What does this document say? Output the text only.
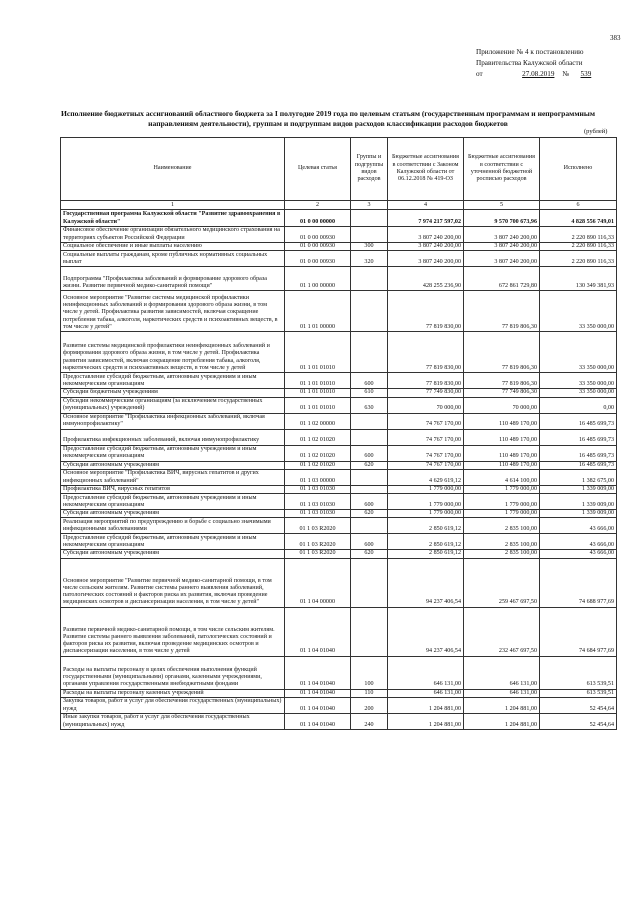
383
Приложение № 4 к постановлению
Правительства Калужской области
от	27.08.2019 № 539
Исполнение бюджетных ассигнований областного бюджета за I полугодие 2019 года по целевым статьям (государственным программам и непрограммным направлениям деятельности), группам и подгруппам видов расходов классификации расходов бюджетов
(рублей)
Наименование	Целевая статья	Группы и подгруппы видов расходов	Бюджетные ассигнования в соответствии с Законом Калужской области от 06.12.2018 № 419-ОЗ	Бюджетные ассигнования в соответствии с уточненной бюджетной росписью расходов	Исполнено
1	2	3	4	5	6
Государственная программа Калужской области "Развитие здравоохранения в Калужской области"	01 0 00 00000		7 974 217 597,02	9 570 700 673,96	4 828 556 749,01
Финансовое обеспечение организации обязательного медицинского страхования на территориях субъектов Российской Федерации	01 0 00 00930		3 807 240 200,00	3 807 240 200,00	2 220 890 116,33
Социальное обеспечение и иные выплаты населению	01 0 00 00930	300	3 807 240 200,00	3 807 240 200,00	2 220 890 116,33
Социальные выплаты гражданам, кроме публичных нормативных социальных выплат	01 0 00 00930	320	3 807 240 200,00	3 807 240 200,00	2 220 890 116,33
Подпрограмма "Профилактика заболеваний и формирование здорового образа жизни. Развитие первичной медико-санитарной помощи"	01 1 00 00000		428 255 236,90	672 861 729,80	130 349 381,93
Основное мероприятие "Развитие системы медицинской профилактики неинфекционных заболеваний и формирования здорового образа жизни, в том числе у детей. Профилактика развития зависимостей, включая сокращение потребления табака, алкоголя, наркотических средств и психоактивных веществ, в том числе у детей"	01 1 01 00000		77 819 830,00	77 819 806,30	33 350 000,00
Развитие системы медицинской профилактики неинфекционных заболеваний и формирования здорового образа жизни, в том числе у детей. Профилактика развития зависимостей, включая сокращение потребления табака, алкоголя, наркотических средств и психоактивных веществ, в том числе у детей	01 1 01 01010		77 819 830,00	77 819 806,30	33 350 000,00
Предоставление субсидий бюджетным, автономным учреждениям и иным некоммерческим организациям	01 1 01 01010	600	77 819 830,00	77 819 806,30	33 350 000,00
Субсидии бюджетным учреждениям	01 1 01 01010	610	77 749 830,00	77 749 806,30	33 350 000,00
Субсидии некоммерческим организациям (за исключением государственных (муниципальных) учреждений)	01 1 01 01010	630	70 000,00	70 000,00	0,00
Основное мероприятие "Профилактика инфекционных заболеваний, включая иммунопрофилактику"	01 1 02 00000		74 767 170,00	110 489 170,00	16 485 699,73
Профилактика инфекционных заболеваний, включая иммунопрофилактику	01 1 02 01020		74 767 170,00	110 489 170,00	16 485 699,73
Предоставление субсидий бюджетным, автономным учреждениям и иным некоммерческим организациям	01 1 02 01020	600	74 767 170,00	110 489 170,00	16 485 699,73
Субсидии автономным учреждениям	01 1 02 01020	620	74 767 170,00	110 489 170,00	16 485 699,73
Основное мероприятие "Профилактика ВИЧ, вирусных гепатитов и других инфекционных заболеваний"	01 1 03 00000		4 629 619,12	4 614 100,00	1 382 675,00
Профилактика ВИЧ, вирусных гепатитов	01 1 03 01030		1 779 000,00	1 779 000,00	1 339 009,00
Предоставление субсидий бюджетным, автономным учреждениям и иным некоммерческим организациям	01 1 03 01030	600	1 779 000,00	1 779 000,00	1 339 009,00
Субсидии автономным учреждениям	01 1 03 01030	620	1 779 000,00	1 779 000,00	1 339 009,00
Реализация мероприятий по предупреждению и борьбе с социально значимыми инфекционными заболеваниями	01 1 03 R2020		2 850 619,12	2 835 100,00	43 666,00
Предоставление субсидий бюджетным, автономным учреждениям и иным некоммерческим организациям	01 1 03 R2020	600	2 850 619,12	2 835 100,00	43 666,00
Субсидии автономным учреждениям	01 1 03 R2020	620	2 850 619,12	2 835 100,00	43 666,00
Основное мероприятие "Развитие первичной медико-санитарной помощи, в том числе сельским жителям. Развитие системы раннего выявления заболеваний, патологических состояний и факторов риска их развития, включая проведение медицинских осмотров и диспансеризации населения, в том числе у детей"	01 1 04 00000		94 237 406,54	259 467 697,50	74 688 977,69
Развитие первичной медико-санитарной помощи, в том числе сельским жителям. Развитие системы раннего выявления заболеваний, патологических состояний и факторов риска их развития, включая проведение медицинских осмотров и диспансеризации населения, в том числе у детей	01 1 04 01040		94 237 406,54	232 467 697,50	74 684 977,69
Расходы на выплаты персоналу в целях обеспечения выполнения функций государственными (муниципальными) органами, казенными учреждениями, органами управления государственными внебюджетными фондами	01 1 04 01040	100	646 131,00	646 131,00	613 539,51
Расходы на выплаты персоналу казенных учреждений	01 1 04 01040	110	646 131,00	646 131,00	613 539,51
Закупка товаров, работ и услуг для обеспечения государственных (муниципальных) нужд	01 1 04 01040	200	1 204 881,00	1 204 881,00	52 454,64
Иные закупки товаров, работ и услуг для обеспечения государственных (муниципальных) нужд	01 1 04 01040	240	1 204 881,00	1 204 881,00	52 454,64
